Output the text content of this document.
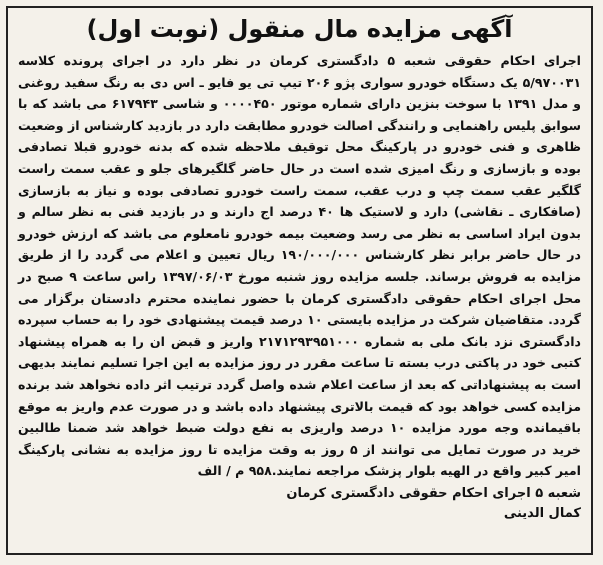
آگهی مزایده مال منقول (نوبت اول)

اجرای احکام حقوقی شعبه ۵ دادگستری کرمان در نظر دارد در اجرای پرونده کلاسه ۵/۹۷۰۰۳۱ یک دستگاه خودرو سواری پژو ۲۰۶ تیپ تی یو فایو ـ اس دی به رنگ سفید روغنی و مدل ۱۳۹۱ با سوخت بنزین دارای شماره موتور ۰۰۰۰۴۵۰ و شاسی ۶۱۷۹۴۳ می باشد که با سوابق پلیس راهنمایی و رانندگی اصالت خودرو مطابقت دارد در بازدید کارشناس از وضعیت ظاهری و فنی خودرو در پارکینگ محل توقیف ملاحظه شده که بدنه خودرو قبلا تصادفی بوده و بازسازی و رنگ امیزی شده است در حال حاضر گلگیرهای جلو و عقب سمت راست گلگیر عقب سمت چپ و درب عقب، سمت راست خودرو تصادفی بوده و نیاز به بازسازی (صافکاری ـ نقاشی) دارد و لاستیک ها ۴۰ درصد اج دارند و در بازدید فنی به نظر سالم و بدون ایراد اساسی به نظر می رسد وضعیت بیمه خودرو نامعلوم می باشد که ارزش خودرو در حال حاضر برابر نظر کارشناس ۱۹۰/۰۰۰/۰۰۰ ریال تعیین و اعلام می گردد را از طریق مزایده به فروش برساند. جلسه مزایده روز شنبه مورخ ۱۳۹۷/۰۶/۰۳ راس ساعت ۹ صبح در محل اجرای احکام حقوقی دادگستری کرمان با حضور نماینده محترم دادستان برگزار می گردد. متقاضیان شرکت در مزایده بایستی ۱۰ درصد قیمت پیشنهادی خود را به حساب سپرده دادگستری نزد بانک ملی به شماره ۲۱۷۱۲۹۳۹۵۱۰۰۰ واریز و قبض ان را به همراه پیشنهاد کتبی خود در پاکتی درب بسته تا ساعت مقرر در روز مزایده به این اجرا تسلیم نمایند بدیهی است به پیشنهاداتی که بعد از ساعت اعلام شده واصل گردد ترتیب اثر داده نخواهد شد برنده مزایده کسی خواهد بود که قیمت بالاتری پیشنهاد داده باشد و در صورت عدم واریز به موقع باقیمانده وجه مورد مزایده ۱۰ درصد واریزی به نفع دولت ضبط خواهد شد ضمنا طالبین خرید در صورت تمایل می توانند از ۵ روز به وقت مزایده تا روز مزایده به نشانی پارکینگ امیر کبیر واقع در الهیه بلوار پزشک مراجعه نمایند.۹۵۸ م / الف

شعبه ۵ اجرای احکام حقوقی دادگستری کرمان
کمال الدینی
